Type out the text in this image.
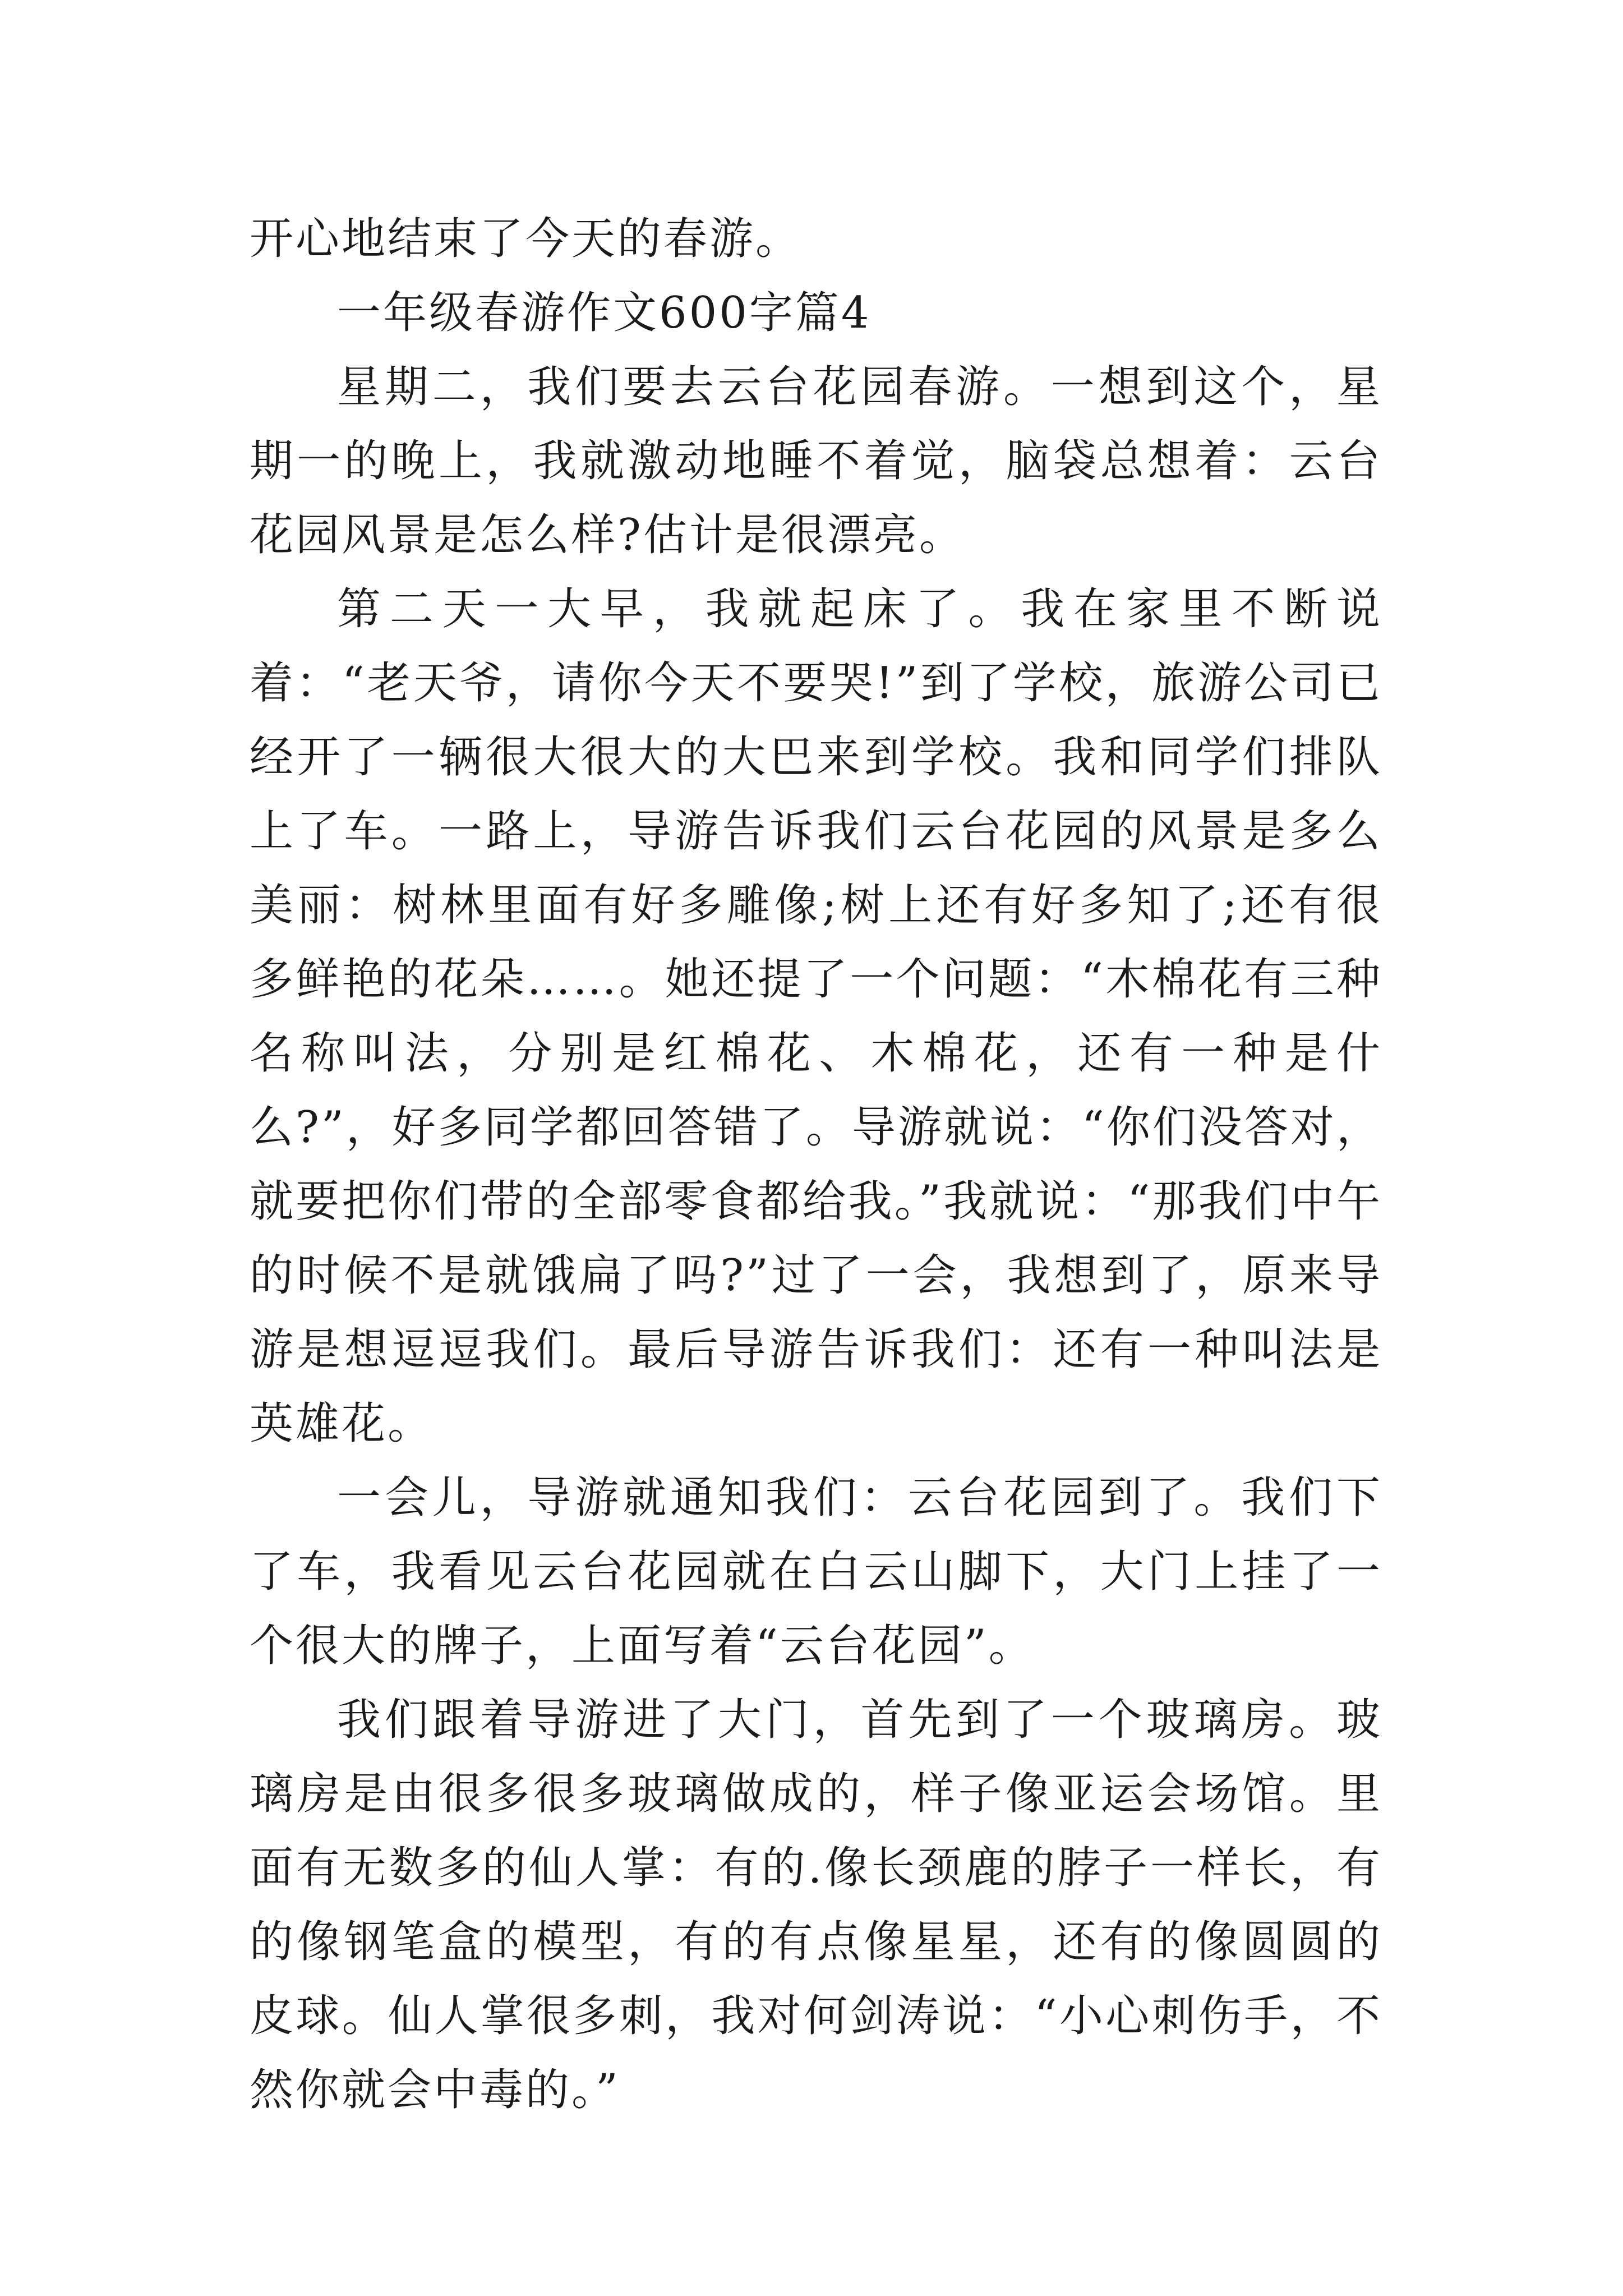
开心地结束了今天的春游。

一年级春游作文600字篇4

星期二，我们要去云台花园春游。一想到这个，星期一的晚上，我就激动地睡不着觉，脑袋总想着：云台花园风景是怎么样?估计是很漂亮。

第二天一大早，我就起床了。我在家里不断说着：“老天爷，请你今天不要哭!”到了学校，旅游公司已经开了一辆很大很大的大巴来到学校。我和同学们排队上了车。一路上，导游告诉我们云台花园的风景是多么美丽：树林里面有好多雕像;树上还有好多知了;还有很多鲜艳的花朵……。她还提了一个问题：“木棉花有三种名称叫法，分别是红棉花、木棉花，还有一种是什么?”，好多同学都回答错了。导游就说：“你们没答对，就要把你们带的全部零食都给我。”我就说：“那我们中午的时候不是就饿扁了吗?”过了一会，我想到了，原来导游是想逗逗我们。最后导游告诉我们：还有一种叫法是英雄花。

一会儿，导游就通知我们：云台花园到了。我们下了车，我看见云台花园就在白云山脚下，大门上挂了一个很大的牌子，上面写着“云台花园”。

我们跟着导游进了大门，首先到了一个玻璃房。玻璃房是由很多很多玻璃做成的，样子像亚运会场馆。里面有无数多的仙人掌：有的.像长颈鹿的脖子一样长，有的像钢笔盒的模型，有的有点像星星，还有的像圆圆的皮球。仙人掌很多刺，我对何剑涛说：“小心刺伤手，不然你就会中毒的。”
